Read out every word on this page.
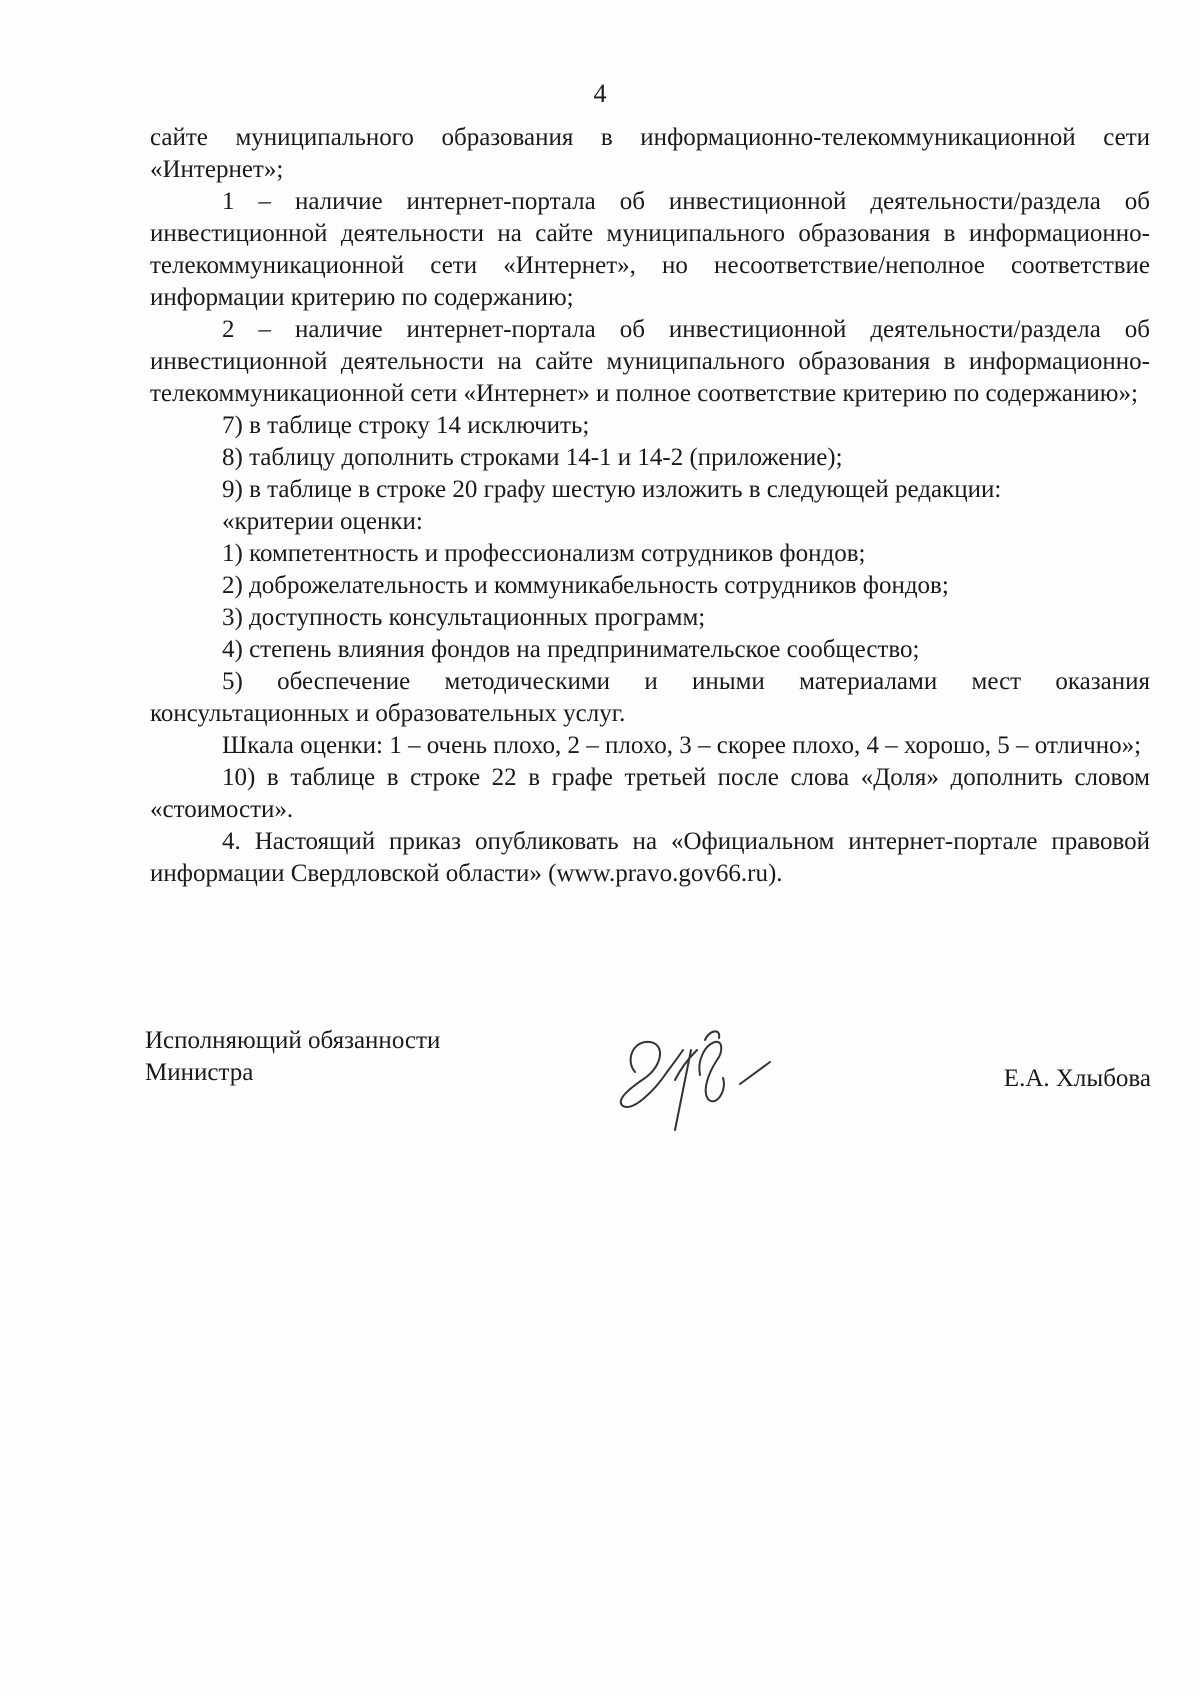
4

сайте муниципального образования в информационно-телекоммуникационной сети «Интернет»;

1 – наличие интернет-портала об инвестиционной деятельности/раздела об инвестиционной деятельности на сайте муниципального образования в информационно-телекоммуникационной сети «Интернет», но несоответствие/неполное соответствие информации критерию по содержанию;

2 – наличие интернет-портала об инвестиционной деятельности/раздела об инвестиционной деятельности на сайте муниципального образования в информационно-телекоммуникационной сети «Интернет» и полное соответствие критерию по содержанию»;

7) в таблице строку 14 исключить;

8) таблицу дополнить строками 14-1 и 14-2 (приложение);

9) в таблице в строке 20 графу шестую изложить в следующей редакции:

«критерии оценки:

1) компетентность и профессионализм сотрудников фондов;

2) доброжелательность и коммуникабельность сотрудников фондов;

3) доступность консультационных программ;

4) степень влияния фондов на предпринимательское сообщество;

5) обеспечение методическими и иными материалами мест оказания консультационных и образовательных услуг.

Шкала оценки: 1 – очень плохо, 2 – плохо, 3 – скорее плохо, 4 – хорошо, 5 – отлично»;

10) в таблице в строке 22 в графе третьей после слова «Доля» дополнить словом «стоимости».

4. Настоящий приказ опубликовать на «Официальном интернет-портале правовой информации Свердловской области» (www.pravo.gov66.ru).

Исполняющий обязанности
Министра	Е.А. Хлыбова
